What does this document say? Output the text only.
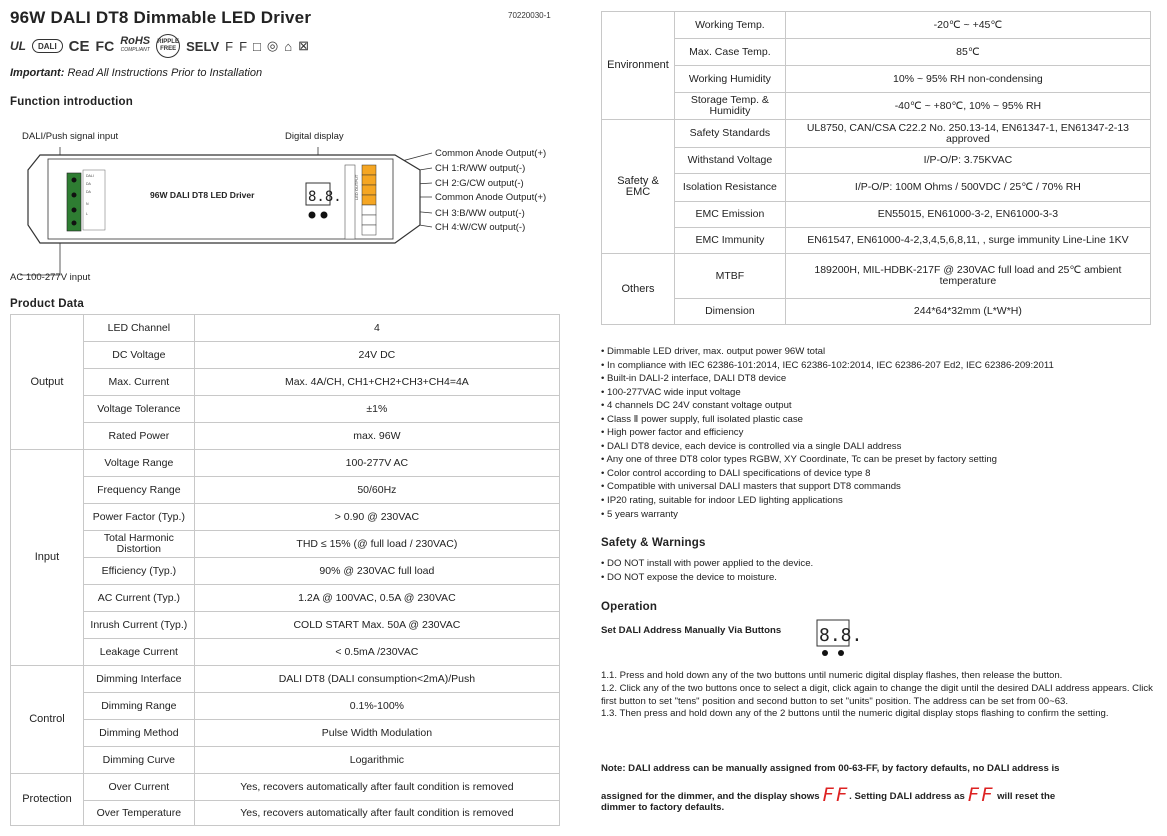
96W DALI DT8 Dimmable LED Driver	70220030-1
UL	DALI CE FC RoHS
COMPLIANT
RIPPLE FREE SELV F F □ ◎ ⌂ ⊠
Important: Read All Instructions Prior to Installation
Function introduction
DALI/Push signal input	Digital display
AC 100-277V input
Common Anode Output(+)
CH 1:R/WW output(-)
CH 2:G/CW output(-)
Common Anode Output(+)
CH 3:B/WW output(-)
CH 4:W/CW output(-)
DALI
DA
DA
N
L
96W DALI DT8 LED Driver	8.8.	LED OUTPUT
Product Data
Output	LED Channel	4
	DC Voltage	24V DC
	Max. Current	Max. 4A/CH, CH1+CH2+CH3+CH4=4A
	Voltage Tolerance	±1%
	Rated Power	max. 96W
Input	Voltage Range	100-277V AC
	Frequency Range	50/60Hz
	Power Factor (Typ.)	> 0.90 @ 230VAC
	Total Harmonic Distortion	THD ≤ 15% (@ full load / 230VAC)
	Efficiency (Typ.)	90% @ 230VAC full load
	AC Current (Typ.)	1.2A @ 100VAC, 0.5A @ 230VAC
	Inrush Current (Typ.)	COLD START Max. 50A @ 230VAC
	Leakage Current	< 0.5mA /230VAC
Control	Dimming Interface	DALI DT8 (DALI consumption<2mA)/Push
	Dimming Range	0.1%-100%
	Dimming Method	Pulse Width Modulation
	Dimming Curve	Logarithmic
Protection	Over Current	Yes, recovers automatically after fault condition is removed
	Over Temperature	Yes, recovers automatically after fault condition is removed
Environment	Working Temp.	-20℃ ~ +45℃
	Max. Case Temp.	85℃
	Working Humidity	10% ~ 95% RH non-condensing
	Storage Temp. & Humidity	-40℃ ~ +80℃, 10% ~ 95% RH
Safety & EMC	Safety Standards	UL8750, CAN/CSA C22.2 No. 250.13-14, EN61347-1, EN61347-2-13 approved
	Withstand Voltage	I/P-O/P: 3.75KVAC
	Isolation Resistance	I/P-O/P: 100M Ohms / 500VDC / 25℃ / 70% RH
	EMC Emission	EN55015, EN61000-3-2, EN61000-3-3
	EMC Immunity	EN61547, EN61000-4-2,3,4,5,6,8,11, , surge immunity Line-Line 1KV
Others	MTBF	189200H, MIL-HDBK-217F @ 230VAC full load and 25℃ ambient temperature
	Dimension	244*64*32mm (L*W*H)
• Dimmable LED driver, max. output power 96W total
• In compliance with IEC 62386-101:2014, IEC 62386-102:2014, IEC 62386-207 Ed2, IEC 62386-209:2011
• Built-in DALI-2 interface, DALI DT8 device
• 100-277VAC wide input voltage
• 4 channels DC 24V constant voltage output
• Class Ⅱ power supply, full isolated plastic case
• High power factor and efficiency
• DALI DT8 device, each device is controlled via a single DALI address
• Any one of three DT8 color types RGBW, XY Coordinate, Tc can be preset by factory setting
• Color control according to DALI specifications of device type 8
• Compatible with universal DALI masters that support DT8 commands
• IP20 rating, suitable for indoor LED lighting applications
• 5 years warranty
Safety & Warnings
• DO NOT install with power applied to the device.
• DO NOT expose the device to moisture.
Operation
Set DALI Address Manually Via Buttons 8.8.
1.1. Press and hold down any of the two buttons until numeric digital display flashes, then release the button.
1.2. Click any of the two buttons once to select a digit, click again to change the digit until the desired DALI address appears. Click first button to set "tens" position and second button to set "units" position. The address can be set from 00~63.
1.3. Then press and hold down any of the 2 buttons until the numeric digital display stops flashing to confirm the setting.
Note: DALI address can be manually assigned from 00-63-FF, by factory defaults, no DALI address is
assigned for the dimmer, and the display shows FF. Setting DALI address as FF will reset the
dimmer to factory defaults.
